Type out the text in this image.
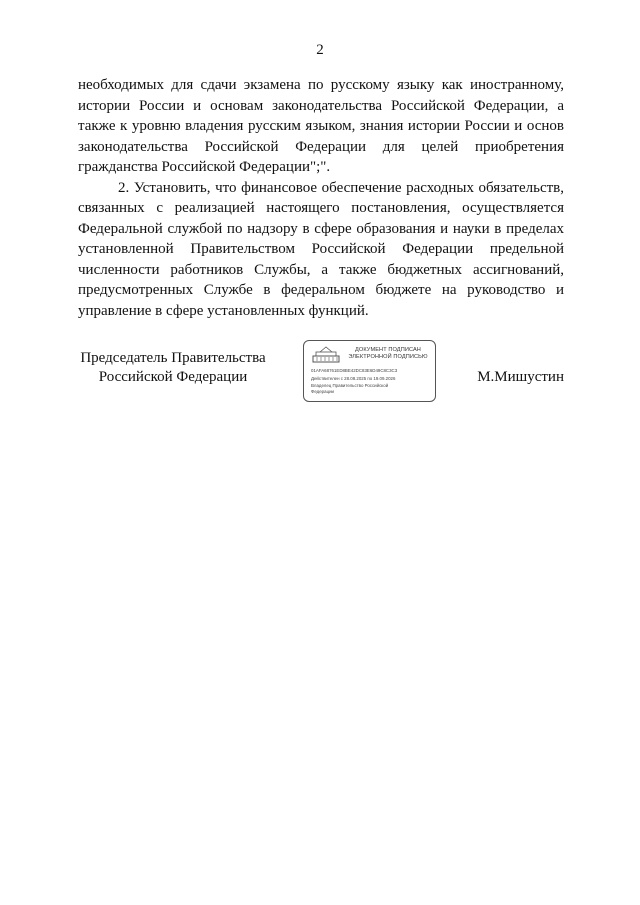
2

необходимых для сдачи экзамена по русскому языку как иностранному, истории России и основам законодательства Российской Федерации, а также к уровню владения русским языком, знания истории России и основ законодательства Российской Федерации для целей приобретения гражданства Российской Федерации";".

2. Установить, что финансовое обеспечение расходных обязательств, связанных с реализацией настоящего постановления, осуществляется Федеральной службой по надзору в сфере образования и науки в пределах установленной Правительством Российской Федерации предельной численности работников Службы, а также бюджетных ассигнований, предусмотренных Службе в федеральном бюджете на руководство и управление в сфере установленных функций.

Председатель Правительства
Российской Федерации
ДОКУМЕНТ ПОДПИСАН
ЭЛЕКТРОННОЙ ПОДПИСЬЮ
01AFA68761ED8BE42DC83E6D49C8C3C3
Действителен с 28.08.2025 по 19.09.2026
Владелец Правительство Российской
Федерации
М.Мишустин
